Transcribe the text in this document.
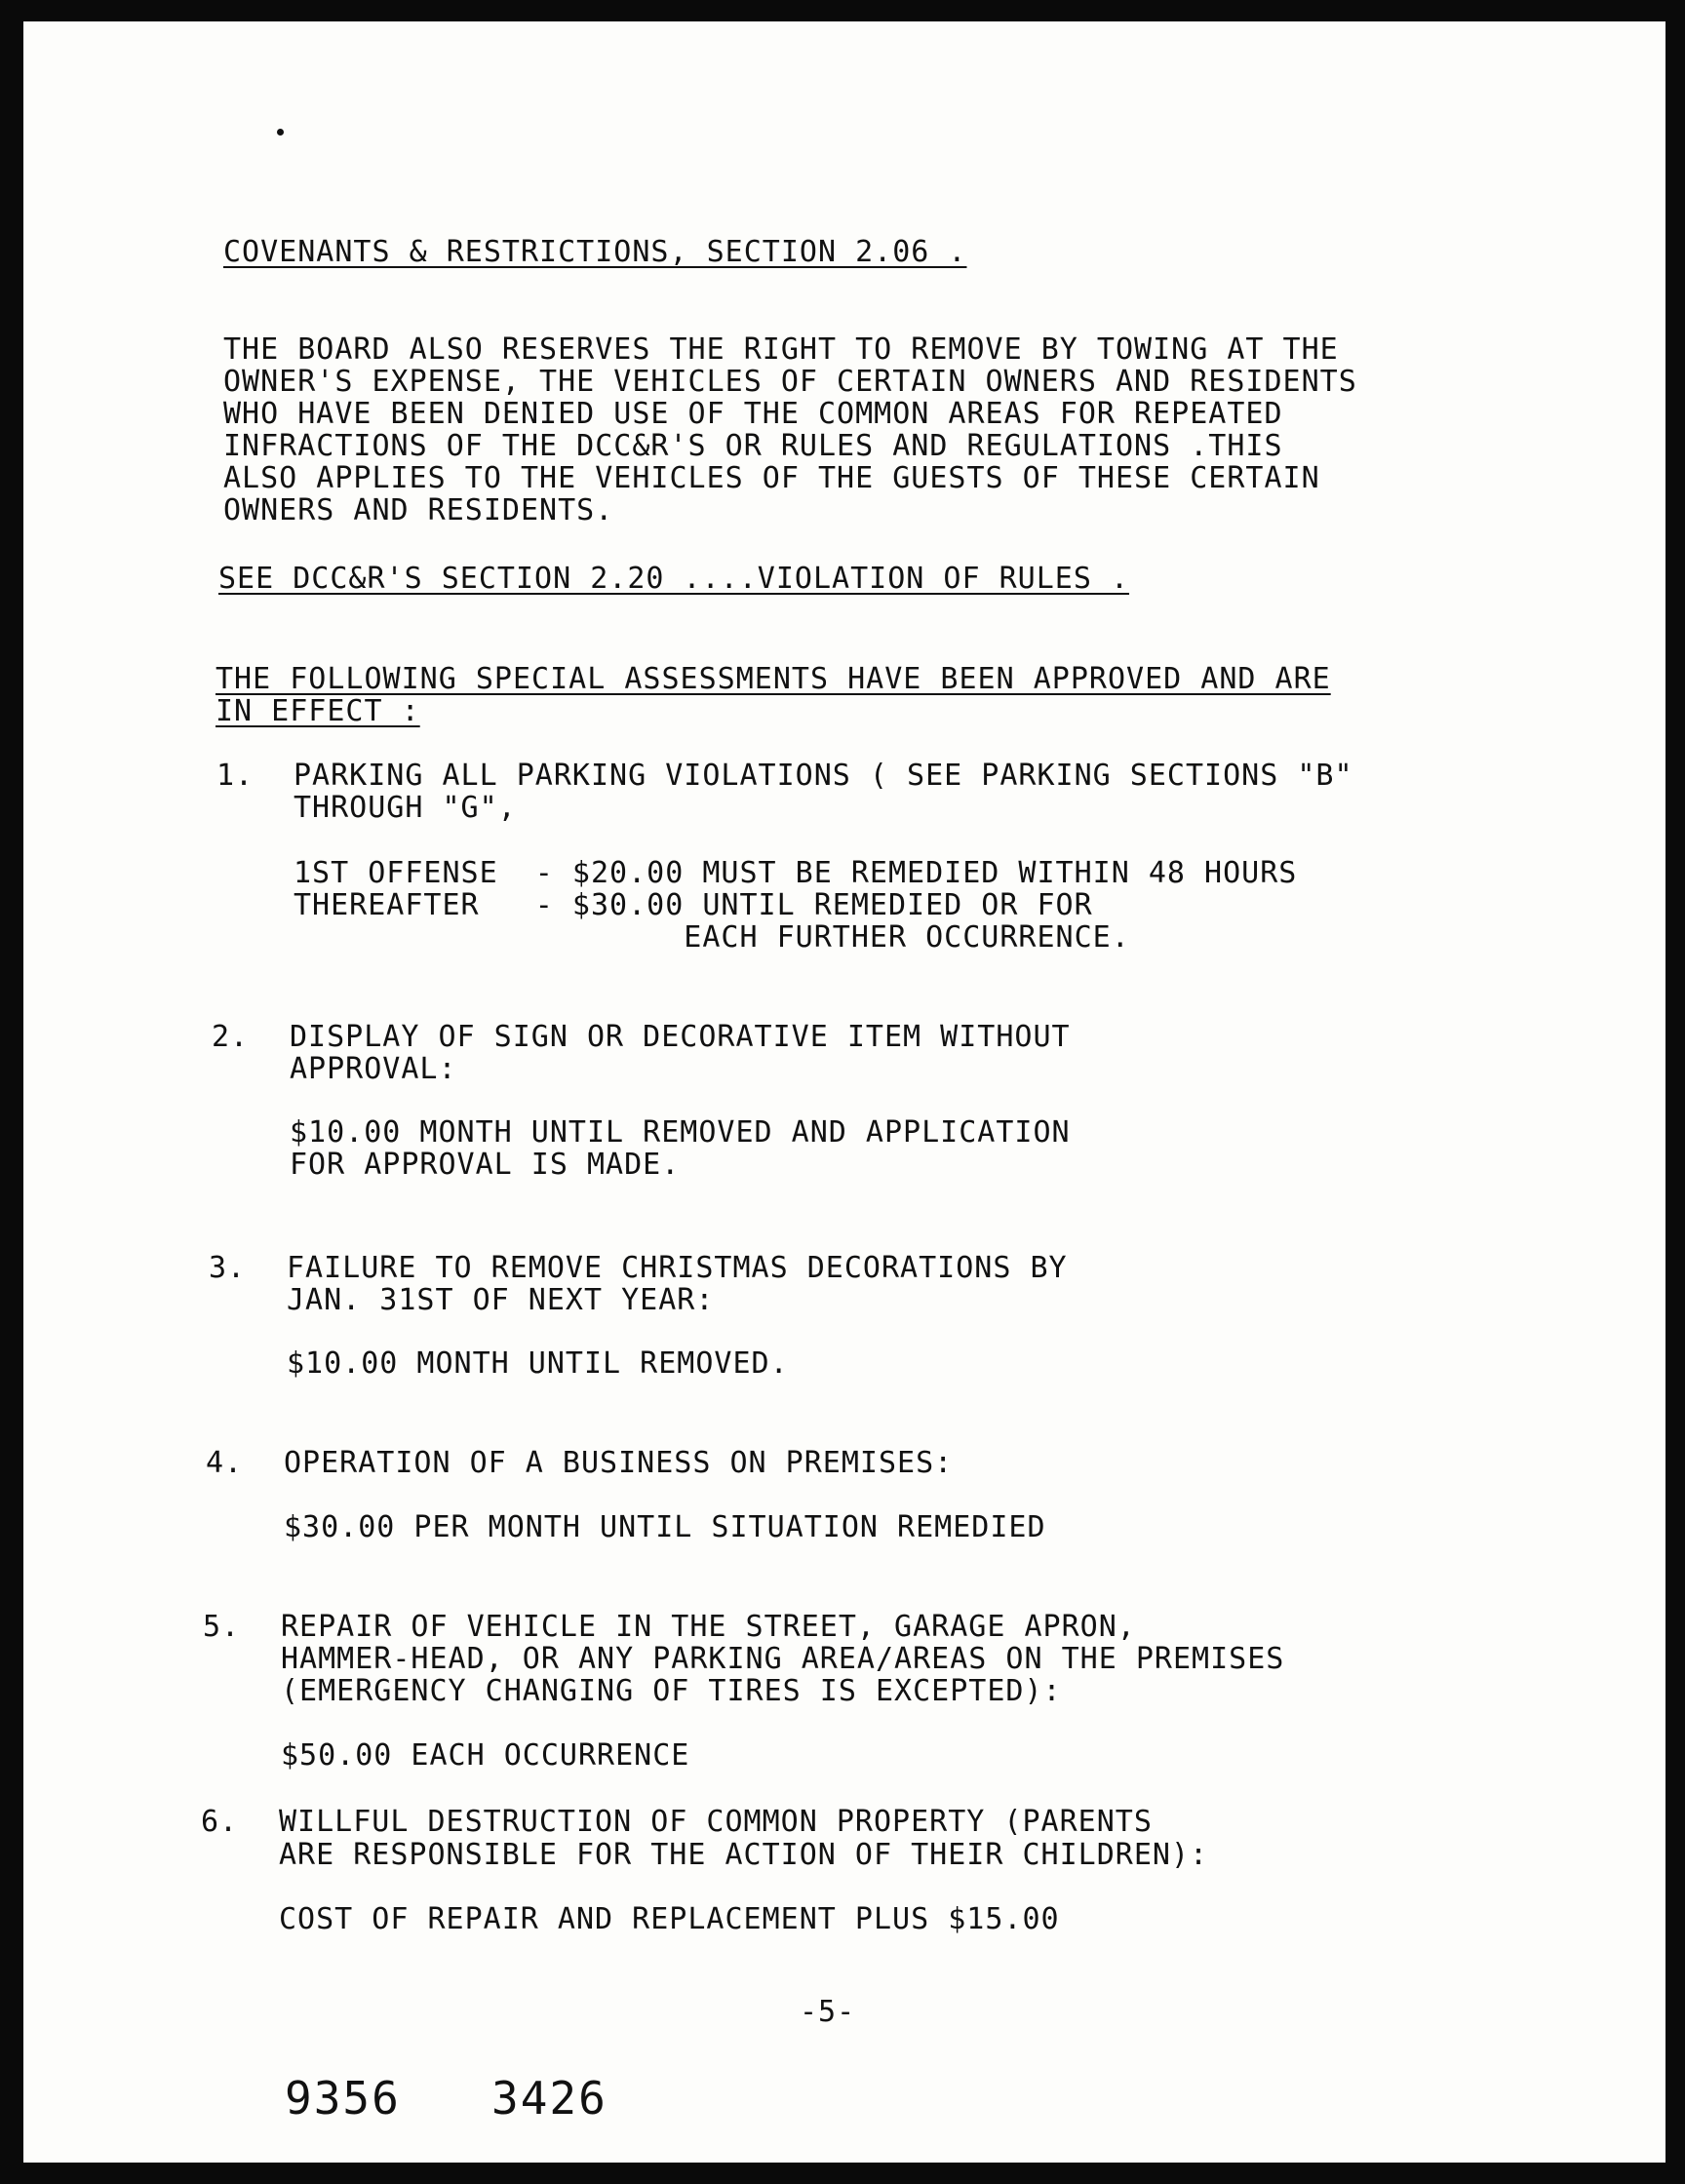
COVENANTS & RESTRICTIONS, SECTION 2.06 .
THE BOARD ALSO RESERVES THE RIGHT TO REMOVE BY TOWING AT THE
OWNER'S EXPENSE, THE VEHICLES OF CERTAIN OWNERS AND RESIDENTS
WHO HAVE BEEN DENIED USE OF THE COMMON AREAS FOR REPEATED
INFRACTIONS OF THE DCC&R'S OR RULES AND REGULATIONS .THIS
ALSO APPLIES TO THE VEHICLES OF THE GUESTS OF THESE CERTAIN
OWNERS AND RESIDENTS.
SEE DCC&R'S SECTION 2.20 ....VIOLATION OF RULES .
THE FOLLOWING SPECIAL ASSESSMENTS HAVE BEEN APPROVED AND ARE
IN EFFECT :
1. PARKING ALL PARKING VIOLATIONS ( SEE PARKING SECTIONS "B"
THROUGH "G",
1ST OFFENSE  - $20.00 MUST BE REMEDIED WITHIN 48 HOURS
THEREAFTER   - $30.00 UNTIL REMEDIED OR FOR
EACH FURTHER OCCURRENCE.
2. DISPLAY OF SIGN OR DECORATIVE ITEM WITHOUT
APPROVAL:
$10.00 MONTH UNTIL REMOVED AND APPLICATION
FOR APPROVAL IS MADE.
3. FAILURE TO REMOVE CHRISTMAS DECORATIONS BY
JAN. 31ST OF NEXT YEAR:
$10.00 MONTH UNTIL REMOVED.
4. OPERATION OF A BUSINESS ON PREMISES:
$30.00 PER MONTH UNTIL SITUATION REMEDIED
5. REPAIR OF VEHICLE IN THE STREET, GARAGE APRON,
HAMMER-HEAD, OR ANY PARKING AREA/AREAS ON THE PREMISES
(EMERGENCY CHANGING OF TIRES IS EXCEPTED):
$50.00 EACH OCCURRENCE
6. WILLFUL DESTRUCTION OF COMMON PROPERTY (PARENTS
ARE RESPONSIBLE FOR THE ACTION OF THEIR CHILDREN):
COST OF REPAIR AND REPLACEMENT PLUS $15.00
-5-
9356 3426
